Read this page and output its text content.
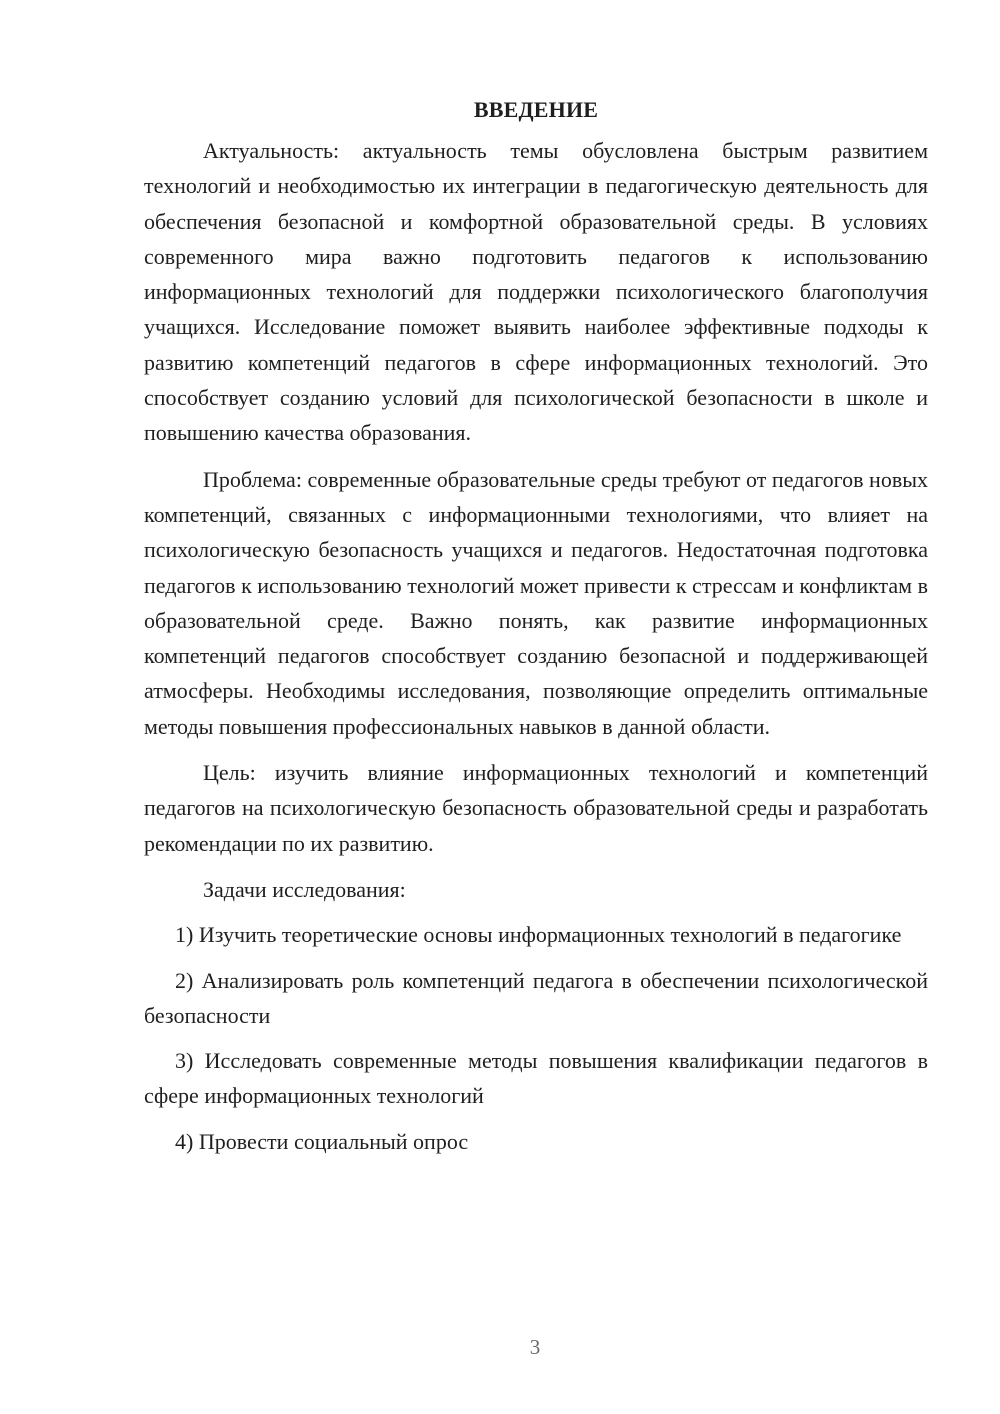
ВВЕДЕНИЕ

Актуальность: актуальность темы обусловлена быстрым развитием технологий и необходимостью их интеграции в педагогическую деятельность для обеспечения безопасной и комфортной образовательной среды. В условиях современного мира важно подготовить педагогов к использованию информационных технологий для поддержки психологического благополучия учащихся. Исследование поможет выявить наиболее эффективные подходы к развитию компетенций педагогов в сфере информационных технологий. Это способствует созданию условий для психологической безопасности в школе и повышению качества образования.

Проблема: современные образовательные среды требуют от педагогов новых компетенций, связанных с информационными технологиями, что влияет на психологическую безопасность учащихся и педагогов. Недостаточная подготовка педагогов к использованию технологий может привести к стрессам и конфликтам в образовательной среде. Важно понять, как развитие информационных компетенций педагогов способствует созданию безопасной и поддерживающей атмосферы. Необходимы исследования, позволяющие определить оптимальные методы повышения профессиональных навыков в данной области.

Цель: изучить влияние информационных технологий и компетенций педагогов на психологическую безопасность образовательной среды и разработать рекомендации по их развитию.

Задачи исследования:

1) Изучить теоретические основы информационных технологий в педагогике

2) Анализировать роль компетенций педагога в обеспечении психологической безопасности

3) Исследовать современные методы повышения квалификации педагогов в сфере информационных технологий

4) Провести социальный опрос

3
